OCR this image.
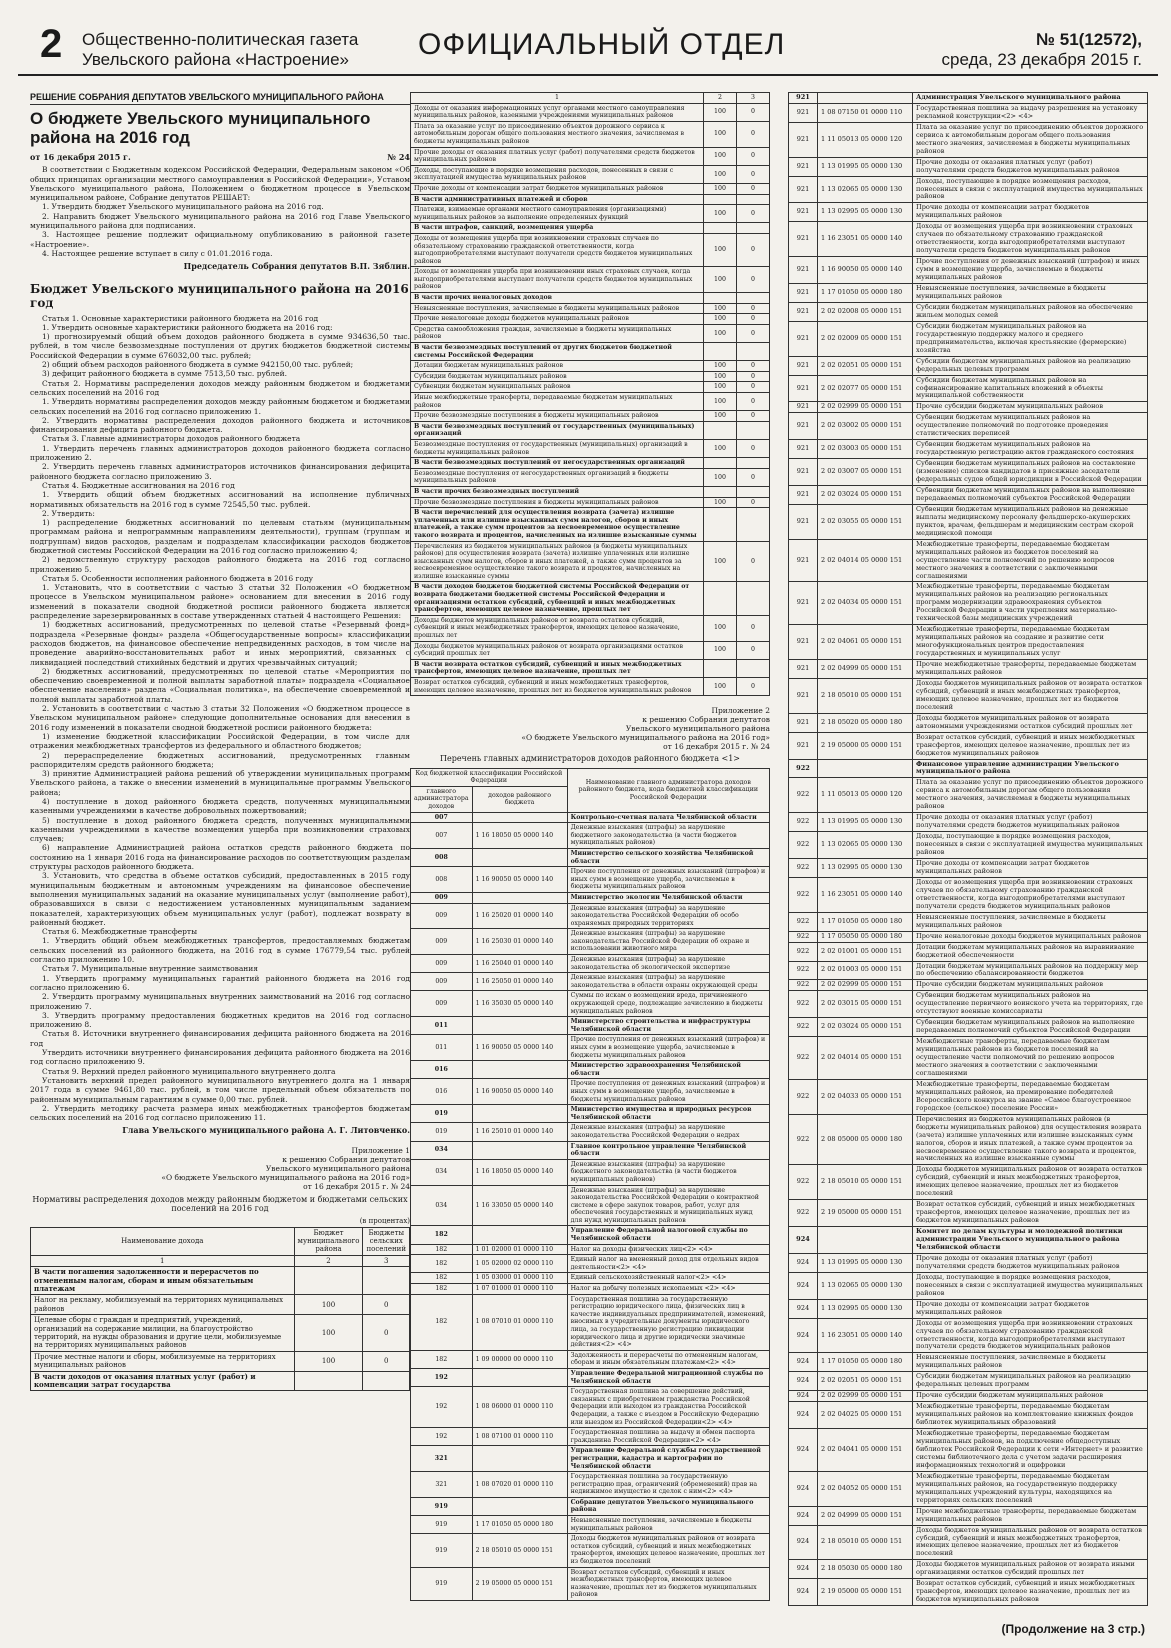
2 Общественно-политическая газета
Увельского района «Настроение»	ОФИЦИАЛЬНЫЙ ОТДЕЛ	№ 51(12572),
среда, 23 декабря 2015 г.
РЕШЕНИЕ СОБРАНИЯ ДЕПУТАТОВ УВЕЛЬСКОГО МУНИЦИПАЛЬНОГО РАЙОНА
О бюджете Увельского муниципального района на 2016 год
от 16 декабря 2015 г.	№ 24

В соответствии с Бюджетным кодексом Российской Федерации, Федеральным законом «Об общих принципах организации местного самоуправления в Российской Федерации», Уставом Увельского муниципального района, Положением о бюджетном процессе в Увельском муниципальном районе, Собрание депутатов РЕШАЕТ:

1. Утвердить бюджет Увельского муниципального района на 2016 год.

2. Направить бюджет Увельского муниципального района на 2016 год Главе Увельского муниципального района для подписания.

3. Настоящее решение подлежит официальному опубликованию в районной газете «Настроение».

4. Настоящее решение вступает в силу с 01.01.2016 года.

Председатель Собрания депутатов В.П. Зяблин.
Бюджет Увельского муниципального района на 2016 год

Статья 1. Основные характеристики районного бюджета на 2016 год

1. Утвердить основные характеристики районного бюджета на 2016 год:

1) прогнозируемый общий объем доходов районного бюджета в сумме 934636,50 тыс. рублей, в том числе безвозмездные поступления от других бюджетов бюджетной системы Российской Федерации в сумме 676032,00 тыс. рублей;

2) общий объем расходов районного бюджета в сумме 942150,00 тыс. рублей;

3) дефицит районного бюджета в сумме 7513,50 тыс. рублей.

Статья 2. Нормативы распределения доходов между районным бюджетом и бюджетами сельских поселений на 2016 год

1. Утвердить нормативы распределения доходов между районным бюджетом и бюджетами сельских поселений на 2016 год согласно приложению 1.

2. Утвердить нормативы распределения доходов районного бюджета и источников финансирования дефицита районного бюджета.

Статья 3. Главные администраторы доходов районного бюджета

1. Утвердить перечень главных администраторов доходов районного бюджета согласно приложению 2.

2. Утвердить перечень главных администраторов источников финансирования дефицита районного бюджета согласно приложению 3.

Статья 4. Бюджетные ассигнования на 2016 год

1. Утвердить общий объем бюджетных ассигнований на исполнение публичных нормативных обязательств на 2016 год в сумме 72545,50 тыс. рублей.

2. Утвердить:

1) распределение бюджетных ассигнований по целевым статьям (муниципальным программам района и непрограммным направлениям деятельности), группам (группам и подгруппам) видов расходов, разделам и подразделам классификации расходов бюджетов бюджетной системы Российской Федерации на 2016 год согласно приложению 4;

2) ведомственную структуру расходов районного бюджета на 2016 год согласно приложению 5.

Статья 5. Особенности исполнения районного бюджета в 2016 году

1. Установить, что в соответствии с частью 3 статьи 32 Положения «О бюджетном процессе в Увельском муниципальном районе» основанием для внесения в 2016 году изменений в показатели сводной бюджетной росписи районного бюджета является распределение зарезервированных в составе утвержденных статьей 4 настоящего Решения:

1) бюджетных ассигнований, предусмотренных по целевой статье «Резервный фонд» подраздела «Резервные фонды» раздела «Общегосударственные вопросы» классификации расходов бюджетов, на финансовое обеспечение непредвиденных расходов, в том числе на проведение аварийно-восстановительных работ и иных мероприятий, связанных с ликвидацией последствий стихийных бедствий и других чрезвычайных ситуаций;

2) бюджетных ассигнований, предусмотренных по целевой статье «Мероприятия по обеспечению своевременной и полной выплаты заработной платы» подраздела «Социальное обеспечение населения» раздела «Социальная политика», на обеспечение своевременной и полной выплаты заработной платы.

2. Установить в соответствии с частью 3 статьи 32 Положения «О бюджетном процессе в Увельском муниципальном районе» следующие дополнительные основания для внесения в 2016 году изменений в показатели сводной бюджетной росписи районного бюджета:

1) изменение бюджетной классификации Российской Федерации, в том числе для отражения межбюджетных трансфертов из федерального и областного бюджетов;

2) перераспределение бюджетных ассигнований, предусмотренных главным распорядителям средств районного бюджета;

3) принятие Администрацией района решений об утверждении муниципальных программ Увельского района, а также о внесении изменений в муниципальные программы Увельского района;

4) поступление в доход районного бюджета средств, полученных муниципальными казенными учреждениями в качестве добровольных пожертвований;

5) поступление в доход районного бюджета средств, полученных муниципальными казенными учреждениями в качестве возмещения ущерба при возникновении страховых случаев;

6) направление Администрацией района остатков средств районного бюджета по состоянию на 1 января 2016 года на финансирование расходов по соответствующим разделам структуры расходов районного бюджета.

3. Установить, что средства в объеме остатков субсидий, предоставленных в 2015 году муниципальным бюджетным и автономным учреждениям на финансовое обеспечение выполнения муниципальных заданий на оказание муниципальных услуг (выполнение работ), образовавшихся в связи с недостижением установленных муниципальным заданием показателей, характеризующих объем муниципальных услуг (работ), подлежат возврату в районный бюджет.

Статья 6. Межбюджетные трансферты

1. Утвердить общий объем межбюджетных трансфертов, предоставляемых бюджетам сельских поселений из районного бюджета, на 2016 год в сумме 176779,54 тыс. рублей согласно приложению 10.

Статья 7. Муниципальные внутренние заимствования

1. Утвердить программу муниципальных гарантий районного бюджета на 2016 год согласно приложению 6.

2. Утвердить программу муниципальных внутренних заимствований на 2016 год согласно приложению 7.

3. Утвердить программу предоставления бюджетных кредитов на 2016 год согласно приложению 8.

Статья 8. Источники внутреннего финансирования дефицита районного бюджета на 2016 год

Утвердить источники внутреннего финансирования дефицита районного бюджета на 2016 год согласно приложению 9.

Статья 9. Верхний предел районного муниципального внутреннего долга

Установить верхний предел районного муниципального внутреннего долга на 1 января 2017 года в сумме 9461,80 тыс. рублей, в том числе предельный объем обязательств по районным муниципальным гарантиям в сумме 0,00 тыс. рублей.

2. Утвердить методику расчета размера иных межбюджетных трансфертов бюджетам сельских поселений на 2016 год согласно приложению 11.

Глава Увельского муниципального района А. Г. Литовченко.
Приложение 1
к решению Собрания депутатов
Увельского муниципального района
«О бюджете Увельского муниципального района на 2016 год»
от 16 декабря 2015 г. № 24
Нормативы распределения доходов между районным бюджетом и бюджетами сельских поселений на 2016 год
(в процентах)
Наименование дохода	Бюджет муниципального района	Бюджеты сельских поселений
1	2	3
В части погашения задолженности и перерасчетов по отмененным налогам, сборам и иным обязательным платежам		
Налог на рекламу, мобилизуемый на территориях муниципальных районов	100	0
Целевые сборы с граждан и предприятий, учреждений, организаций на содержание милиции, на благоустройство территорий, на нужды образования и другие цели, мобилизуемые на территориях муниципальных районов	100	0
Прочие местные налоги и сборы, мобилизуемые на территориях муниципальных районов	100	0
В части доходов от оказания платных услуг (работ) и компенсации затрат государства		
1	2	3
Доходы от оказания информационных услуг органами местного самоуправления муниципальных районов, казенными учреждениями муниципальных районов	100	0
Плата за оказание услуг по присоединению объектов дорожного сервиса к автомобильным дорогам общего пользования местного значения, зачисляемая в бюджеты муниципальных районов	100	0
Прочие доходы от оказания платных услуг (работ) получателями средств бюджетов муниципальных районов	100	0
Доходы, поступающие в порядке возмещения расходов, понесенных в связи с эксплуатацией имущества муниципальных районов	100	0
Прочие доходы от компенсации затрат бюджетов муниципальных районов	100	0
В части административных платежей и сборов		
Платежи, взимаемые органами местного самоуправления (организациями) муниципальных районов за выполнение определенных функций	100	0
В части штрафов, санкций, возмещения ущерба		
Доходы от возмещения ущерба при возникновении страховых случаев по обязательному страхованию гражданской ответственности, когда выгодоприобретателями выступают получатели средств бюджетов муниципальных районов	100	0
Доходы от возмещения ущерба при возникновении иных страховых случаев, когда выгодоприобретателями выступают получатели средств бюджетов муниципальных районов	100	0
В части прочих неналоговых доходов		
Невыясненные поступления, зачисляемые в бюджеты муниципальных районов	100	0
Прочие неналоговые доходы бюджетов муниципальных районов	100	0
Средства самообложения граждан, зачисляемые в бюджеты муниципальных районов	100	0
В части безвозмездных поступлений от других бюджетов бюджетной системы Российской Федерации		
Дотации бюджетам муниципальных районов	100	0
Субсидии бюджетам муниципальных районов	100	0
Субвенции бюджетам муниципальных районов	100	0
Иные межбюджетные трансферты, передаваемые бюджетам муниципальных районов	100	0
Прочие безвозмездные поступления в бюджеты муниципальных районов	100	0
В части безвозмездных поступлений от государственных (муниципальных) организаций		
Безвозмездные поступления от государственных (муниципальных) организаций в бюджеты муниципальных районов	100	0
В части безвозмездных поступлений от негосударственных организаций		
Безвозмездные поступления от негосударственных организаций в бюджеты муниципальных районов	100	0
В части прочих безвозмездных поступлений		
Прочие безвозмездные поступления в бюджеты муниципальных районов	100	0
В части перечислений для осуществления возврата (зачета) излишне уплаченных или излишне взысканных сумм налогов, сборов и иных платежей, а также сумм процентов за несвоевременное осуществление такого возврата и процентов, начисленных на излишне взысканные суммы		
Перечисления из бюджетов муниципальных районов (в бюджеты муниципальных районов) для осуществления возврата (зачета) излишне уплаченных или излишне взысканных сумм налогов, сборов и иных платежей, а также сумм процентов за несвоевременное осуществление такого возврата и процентов, начисленных на излишне взысканные суммы	100	0
В части доходов бюджетов бюджетной системы Российской Федерации от возврата бюджетами бюджетной системы Российской Федерации и организациями остатков субсидий, субвенций и иных межбюджетных трансфертов, имеющих целевое назначение, прошлых лет		
Доходы бюджетов муниципальных районов от возврата остатков субсидий, субвенций и иных межбюджетных трансфертов, имеющих целевое назначение, прошлых лет	100	0
Доходы бюджетов муниципальных районов от возврата организациями остатков субсидий прошлых лет	100	0
В части возврата остатков субсидий, субвенций и иных межбюджетных трансфертов, имеющих целевое назначение, прошлых лет		
Возврат остатков субсидий, субвенций и иных межбюджетных трансфертов, имеющих целевое назначение, прошлых лет из бюджетов муниципальных районов	100	0
Приложение 2
к решению Собрания депутатов
Увельского муниципального района
«О бюджете Увельского муниципального района на 2016 год»
от 16 декабря 2015 г. № 24
Перечень главных администраторов доходов районного бюджета <1>
Код бюджетной классификации Российской Федерации		Наименование главного администратора доходов районного бюджета, кода бюджетной классификации Российской Федерации
главного администратора доходов	доходов районного бюджета	
007		Контрольно-счетная палата Челябинской области
007	1 16 18050 05 0000 140	Денежные взыскания (штрафы) за нарушение бюджетного законодательства (в части бюджетов муниципальных районов)
008		Министерство сельского хозяйства Челябинской области
008	1 16 90050 05 0000 140	Прочие поступления от денежных взысканий (штрафов) и иных сумм в возмещение ущерба, зачисляемые в бюджеты муниципальных районов
009		Министерство экологии Челябинской области
009	1 16 25020 01 0000 140	Денежные взыскания (штрафы) за нарушение законодательства Российской Федерации об особо охраняемых природных территориях
009	1 16 25030 01 0000 140	Денежные взыскания (штрафы) за нарушение законодательства Российской Федерации об охране и использовании животного мира
009	1 16 25040 01 0000 140	Денежные взыскания (штрафы) за нарушение законодательства об экологической экспертизе
009	1 16 25050 01 0000 140	Денежные взыскания (штрафы) за нарушение законодательства в области охраны окружающей среды
009	1 16 35030 05 0000 140	Суммы по искам о возмещении вреда, причиненного окружающей среде, подлежащие зачислению в бюджеты муниципальных районов
011		Министерство строительства и инфраструктуры Челябинской области
011	1 16 90050 05 0000 140	Прочие поступления от денежных взысканий (штрафов) и иных сумм в возмещение ущерба, зачисляемые в бюджеты муниципальных районов
016		Министерство здравоохранения Челябинской области
016	1 16 90050 05 0000 140	Прочие поступления от денежных взысканий (штрафов) и иных сумм в возмещение ущерба, зачисляемые в бюджеты муниципальных районов
019		Министерство имущества и природных ресурсов Челябинской области
019	1 16 25010 01 0000 140	Денежные взыскания (штрафы) за нарушение законодательства Российской Федерации о недрах
034		Главное контрольное управление Челябинской области
034	1 16 18050 05 0000 140	Денежные взыскания (штрафы) за нарушение бюджетного законодательства (в части бюджетов муниципальных районов)
034	1 16 33050 05 0000 140	Денежные взыскания (штрафы) за нарушение законодательства Российской Федерации о контрактной системе в сфере закупок товаров, работ, услуг для обеспечения государственных и муниципальных нужд для нужд муниципальных районов
182		Управление Федеральной налоговой службы по Челябинской области
182	1 01 02000 01 0000 110	Налог на доходы физических лиц<2> <4>
182	1 05 02000 02 0000 110	Единый налог на вмененный доход для отдельных видов деятельности<2> <4>
182	1 05 03000 01 0000 110	Единый сельскохозяйственный налог<2> <4>
182	1 07 01000 01 0000 110	Налог на добычу полезных ископаемых <2> <4>
182	1 08 07010 01 0000 110	Государственная пошлина за государственную регистрацию юридического лица, физических лиц в качестве индивидуальных предпринимателей, изменений, вносимых в учредительные документы юридического лица, за государственную регистрацию ликвидации юридического лица и другие юридически значимые действия<2> <4>
182	1 09 00000 00 0000 110	Задолженность и перерасчеты по отмененным налогам, сборам и иным обязательным платежам<2> <4>
192		Управление Федеральной миграционной службы по Челябинской области
192	1 08 06000 01 0000 110	Государственная пошлина за совершение действий, связанных с приобретением гражданства Российской Федерации или выходом из гражданства Российской Федерации, а также с въездом в Российскую Федерацию или выездом из Российской Федерации<2> <4>
192	1 08 07100 01 0000 110	Государственная пошлина за выдачу и обмен паспорта гражданина Российской Федерации<2> <4>
321		Управление Федеральной службы государственной регистрации, кадастра и картографии по Челябинской области
321	1 08 07020 01 0000 110	Государственная пошлина за государственную регистрацию прав, ограничений (обременений) прав на недвижимое имущество и сделок с ним<2> <4>
919		Собрание депутатов Увельского муниципального района
919	1 17 01050 05 0000 180	Невыясненные поступления, зачисляемые в бюджеты муниципальных районов
919	2 18 05010 05 0000 151	Доходы бюджетов муниципальных районов от возврата остатков субсидий, субвенций и иных межбюджетных трансфертов, имеющих целевое назначение, прошлых лет из бюджетов поселений
919	2 19 05000 05 0000 151	Возврат остатков субсидий, субвенций и иных межбюджетных трансфертов, имеющих целевое назначение, прошлых лет из бюджетов муниципальных районов
921		Администрация Увельского муниципального района
921	1 08 07150 01 0000 110	Государственная пошлина за выдачу разрешения на установку рекламной конструкции<2> <4>
921	1 11 05013 05 0000 120	Плата за оказание услуг по присоединению объектов дорожного сервиса к автомобильным дорогам общего пользования местного значения, зачисляемая в бюджеты муниципальных районов
921	1 13 01995 05 0000 130	Прочие доходы от оказания платных услуг (работ) получателями средств бюджетов муниципальных районов
921	1 13 02065 05 0000 130	Доходы, поступающие в порядке возмещения расходов, понесенных в связи с эксплуатацией имущества муниципальных районов
921	1 13 02995 05 0000 130	Прочие доходы от компенсации затрат бюджетов муниципальных районов
921	1 16 23051 05 0000 140	Доходы от возмещения ущерба при возникновении страховых случаев по обязательному страхованию гражданской ответственности, когда выгодоприобретателями выступают получатели средств бюджетов муниципальных районов
921	1 16 90050 05 0000 140	Прочие поступления от денежных взысканий (штрафов) и иных сумм в возмещение ущерба, зачисляемые в бюджеты муниципальных районов
921	1 17 01050 05 0000 180	Невыясненные поступления, зачисляемые в бюджеты муниципальных районов
921	2 02 02008 05 0000 151	Субсидии бюджетам муниципальных районов на обеспечение жильем молодых семей
921	2 02 02009 05 0000 151	Субсидии бюджетам муниципальных районов на государственную поддержку малого и среднего предпринимательства, включая крестьянские (фермерские) хозяйства
921	2 02 02051 05 0000 151	Субсидии бюджетам муниципальных районов на реализацию федеральных целевых программ
921	2 02 02077 05 0000 151	Субсидии бюджетам муниципальных районов на софинансирование капитальных вложений в объекты муниципальной собственности
921	2 02 02999 05 0000 151	Прочие субсидии бюджетам муниципальных районов
921	2 02 03002 05 0000 151	Субвенции бюджетам муниципальных районов на осуществление полномочий по подготовке проведения статистических переписей
921	2 02 03003 05 0000 151	Субвенции бюджетам муниципальных районов на государственную регистрацию актов гражданского состояния
921	2 02 03007 05 0000 151	Субвенции бюджетам муниципальных районов на составление (изменение) списков кандидатов в присяжные заседатели федеральных судов общей юрисдикции в Российской Федерации
921	2 02 03024 05 0000 151	Субвенции бюджетам муниципальных районов на выполнение передаваемых полномочий субъектов Российской Федерации
921	2 02 03055 05 0000 151	Субвенции бюджетам муниципальных районов на денежные выплаты медицинскому персоналу фельдшерско-акушерских пунктов, врачам, фельдшерам и медицинским сестрам скорой медицинской помощи
921	2 02 04014 05 0000 151	Межбюджетные трансферты, передаваемые бюджетам муниципальных районов из бюджетов поселений на осуществление части полномочий по решению вопросов местного значения в соответствии с заключенными соглашениями
921	2 02 04034 05 0000 151	Межбюджетные трансферты, передаваемые бюджетам муниципальных районов на реализацию региональных программ модернизации здравоохранения субъектов Российской Федерации в части укрепления материально-технической базы медицинских учреждений
921	2 02 04061 05 0000 151	Межбюджетные трансферты, передаваемые бюджетам муниципальных районов на создание и развитие сети многофункциональных центров предоставления государственных и муниципальных услуг
921	2 02 04999 05 0000 151	Прочие межбюджетные трансферты, передаваемые бюджетам муниципальных районов
921	2 18 05010 05 0000 151	Доходы бюджетов муниципальных районов от возврата остатков субсидий, субвенций и иных межбюджетных трансфертов, имеющих целевое назначение, прошлых лет из бюджетов поселений
921	2 18 05020 05 0000 180	Доходы бюджетов муниципальных районов от возврата автономными учреждениями остатков субсидий прошлых лет
921	2 19 05000 05 0000 151	Возврат остатков субсидий, субвенций и иных межбюджетных трансфертов, имеющих целевое назначение, прошлых лет из бюджетов муниципальных районов
922		Финансовое управление администрации Увельского муниципального района
922	1 11 05013 05 0000 120	Плата за оказание услуг по присоединению объектов дорожного сервиса к автомобильным дорогам общего пользования местного значения, зачисляемая в бюджеты муниципальных районов
922	1 13 01995 05 0000 130	Прочие доходы от оказания платных услуг (работ) получателями средств бюджетов муниципальных районов
922	1 13 02065 05 0000 130	Доходы, поступающие в порядке возмещения расходов, понесенных в связи с эксплуатацией имущества муниципальных районов
922	1 13 02995 05 0000 130	Прочие доходы от компенсации затрат бюджетов муниципальных районов
922	1 16 23051 05 0000 140	Доходы от возмещения ущерба при возникновении страховых случаев по обязательному страхованию гражданской ответственности, когда выгодоприобретателями выступают получатели средств бюджетов муниципальных районов
922	1 17 01050 05 0000 180	Невыясненные поступления, зачисляемые в бюджеты муниципальных районов
922	1 17 05050 05 0000 180	Прочие неналоговые доходы бюджетов муниципальных районов
922	2 02 01001 05 0000 151	Дотации бюджетам муниципальных районов на выравнивание бюджетной обеспеченности
922	2 02 01003 05 0000 151	Дотации бюджетам муниципальных районов на поддержку мер по обеспечению сбалансированности бюджетов
922	2 02 02999 05 0000 151	Прочие субсидии бюджетам муниципальных районов
922	2 02 03015 05 0000 151	Субвенции бюджетам муниципальных районов на осуществление первичного воинского учета на территориях, где отсутствуют военные комиссариаты
922	2 02 03024 05 0000 151	Субвенции бюджетам муниципальных районов на выполнение передаваемых полномочий субъектов Российской Федерации
922	2 02 04014 05 0000 151	Межбюджетные трансферты, передаваемые бюджетам муниципальных районов из бюджетов поселений на осуществление части полномочий по решению вопросов местного значения в соответствии с заключенными соглашениями
922	2 02 04033 05 0000 151	Межбюджетные трансферты, передаваемые бюджетам муниципальных районов, на премирование победителей Всероссийского конкурса на звание «Самое благоустроенное городское (сельское) поселение России»
922	2 08 05000 05 0000 180	Перечисления из бюджетов муниципальных районов (в бюджеты муниципальных районов) для осуществления возврата (зачета) излишне уплаченных или излишне взысканных сумм налогов, сборов и иных платежей, а также сумм процентов за несвоевременное осуществление такого возврата и процентов, начисленных на излишне взысканные суммы
922	2 18 05010 05 0000 151	Доходы бюджетов муниципальных районов от возврата остатков субсидий, субвенций и иных межбюджетных трансфертов, имеющих целевое назначение, прошлых лет из бюджетов поселений
922	2 19 05000 05 0000 151	Возврат остатков субсидий, субвенций и иных межбюджетных трансфертов, имеющих целевое назначение, прошлых лет из бюджетов муниципальных районов
924		Комитет по делам культуры и молодежной политики администрации Увельского муниципального района Челябинской области
924	1 13 01995 05 0000 130	Прочие доходы от оказания платных услуг (работ) получателями средств бюджетов муниципальных районов
924	1 13 02065 05 0000 130	Доходы, поступающие в порядке возмещения расходов, понесенных в связи с эксплуатацией имущества муниципальных районов
924	1 13 02995 05 0000 130	Прочие доходы от компенсации затрат бюджетов муниципальных районов
924	1 16 23051 05 0000 140	Доходы от возмещения ущерба при возникновении страховых случаев по обязательному страхованию гражданской ответственности, когда выгодоприобретателями выступают получатели средств бюджетов муниципальных районов
924	1 17 01050 05 0000 180	Невыясненные поступления, зачисляемые в бюджеты муниципальных районов
924	2 02 02051 05 0000 151	Субсидии бюджетам муниципальных районов на реализацию федеральных целевых программ
924	2 02 02999 05 0000 151	Прочие субсидии бюджетам муниципальных районов
924	2 02 04025 05 0000 151	Межбюджетные трансферты, передаваемые бюджетам муниципальных районов на комплектование книжных фондов библиотек муниципальных образований
924	2 02 04041 05 0000 151	Межбюджетные трансферты, передаваемые бюджетам муниципальных районов, на подключение общедоступных библиотек Российской Федерации к сети «Интернет» и развитие системы библиотечного дела с учетом задачи расширения информационных технологий и оцифровки
924	2 02 04052 05 0000 151	Межбюджетные трансферты, передаваемые бюджетам муниципальных районов, на государственную поддержку муниципальных учреждений культуры, находящихся на территориях сельских поселений
924	2 02 04999 05 0000 151	Прочие межбюджетные трансферты, передаваемые бюджетам муниципальных районов
924	2 18 05010 05 0000 151	Доходы бюджетов муниципальных районов от возврата остатков субсидий, субвенций и иных межбюджетных трансфертов, имеющих целевое назначение, прошлых лет из бюджетов поселений
924	2 18 05030 05 0000 180	Доходы бюджетов муниципальных районов от возврата иными организациями остатков субсидий прошлых лет
924	2 19 05000 05 0000 151	Возврат остатков субсидий, субвенций и иных межбюджетных трансфертов, имеющих целевое назначение, прошлых лет из бюджетов муниципальных районов
(Продолжение на 3 стр.)
